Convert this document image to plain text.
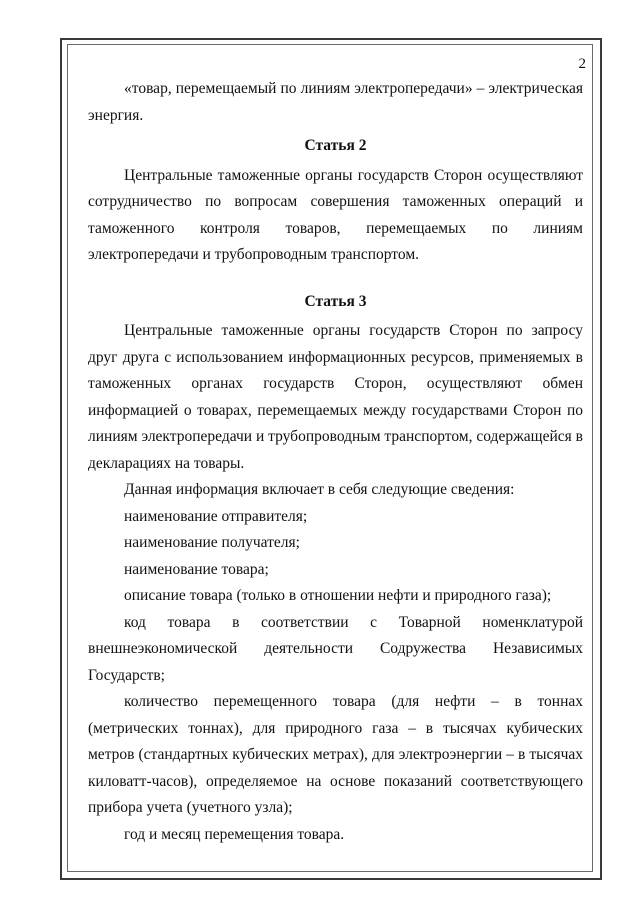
2

«товар, перемещаемый по линиям электропередачи» – электрическая энергия.

Статья 2

Центральные таможенные органы государств Сторон осуществляют сотрудничество по вопросам совершения таможенных операций и таможенного контроля товаров, перемещаемых по линиям электропередачи и трубопроводным транспортом.

Статья 3

Центральные таможенные органы государств Сторон по запросу друг друга с использованием информационных ресурсов, применяемых в таможенных органах государств Сторон, осуществляют обмен информацией о товарах, перемещаемых между государствами Сторон по линиям электропередачи и трубопроводным транспортом, содержащейся в декларациях на товары.

Данная информация включает в себя следующие сведения:

наименование отправителя;

наименование получателя;

наименование товара;

описание товара (только в отношении нефти и природного газа);

код товара в соответствии с Товарной номенклатурой внешнеэкономической деятельности Содружества Независимых Государств;

количество перемещенного товара (для нефти – в тоннах (метрических тоннах), для природного газа – в тысячах кубических метров (стандартных кубических метрах), для электроэнергии – в тысячах киловатт-часов), определяемое на основе показаний соответствующего прибора учета (учетного узла);

год и месяц перемещения товара.
